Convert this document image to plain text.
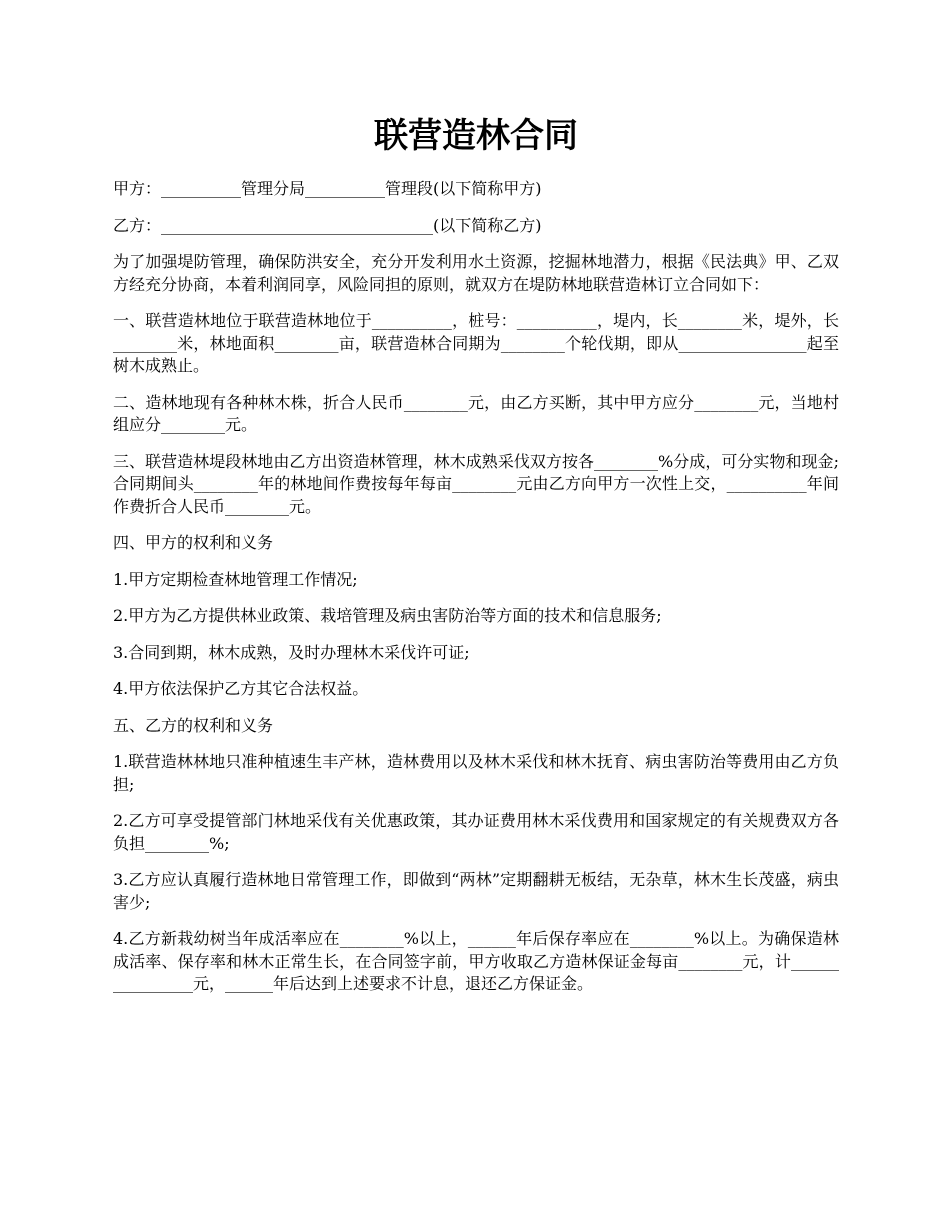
联营造林合同

甲方：__________管理分局__________管理段(以下简称甲方)

乙方：__________________________________(以下简称乙方)

为了加强堤防管理，确保防洪安全，充分开发利用水土资源，挖掘林地潜力，根据《民法典》甲、乙双方经充分协商，本着利润同享，风险同担的原则，就双方在堤防林地联营造林订立合同如下：

一、联营造林地位于联营造林地位于__________，桩号：__________，堤内，长________米，堤外，长________米，林地面积________亩，联营造林合同期为________个轮伐期，即从________________起至树木成熟止。

二、造林地现有各种林木株，折合人民币________元，由乙方买断，其中甲方应分________元，当地村组应分________元。

三、联营造林堤段林地由乙方出资造林管理，林木成熟采伐双方按各________%分成，可分实物和现金;合同期间头________年的林地间作费按每年每亩________元由乙方向甲方一次性上交，__________年间作费折合人民币________元。

四、甲方的权利和义务

1.甲方定期检查林地管理工作情况;

2.甲方为乙方提供林业政策、栽培管理及病虫害防治等方面的技术和信息服务;

3.合同到期，林木成熟，及时办理林木采伐许可证;

4.甲方依法保护乙方其它合法权益。

五、乙方的权利和义务

1.联营造林林地只准种植速生丰产林，造林费用以及林木采伐和林木抚育、病虫害防治等费用由乙方负担;

2.乙方可享受提管部门林地采伐有关优惠政策，其办证费用林木采伐费用和国家规定的有关规费双方各负担________%;

3.乙方应认真履行造林地日常管理工作，即做到“两林”定期翻耕无板结，无杂草，林木生长茂盛，病虫害少;

4.乙方新栽幼树当年成活率应在________%以上，______年后保存率应在________%以上。为确保造林成活率、保存率和林木正常生长，在合同签字前，甲方收取乙方造林保证金每亩________元，计________________元，______年后达到上述要求不计息，退还乙方保证金。
